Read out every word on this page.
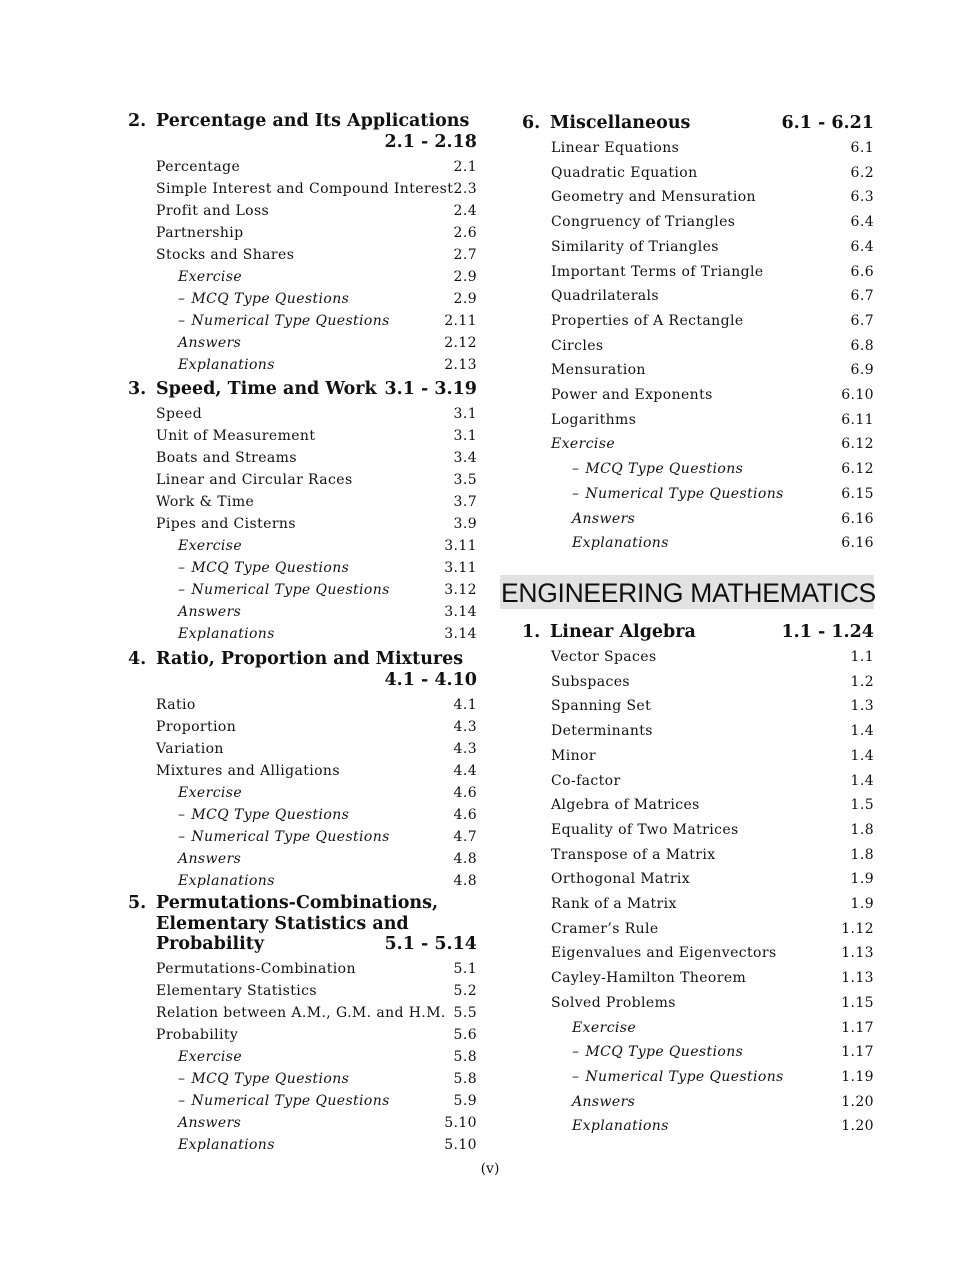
2. Percentage and Its Applications
2.1 - 2.18
Percentage	2.1
Simple Interest and Compound Interest 2.3
Profit and Loss	2.4
Partnership	2.6
Stocks and Shares	2.7
Exercise	2.9
– MCQ Type Questions	2.9
– Numerical Type Questions	2.11
Answers	2.12
Explanations	2.13
3. Speed, Time and Work 3.1 - 3.19
Speed	3.1
Unit of Measurement	3.1
Boats and Streams	3.4
Linear and Circular Races	3.5
Work & Time	3.7
Pipes and Cisterns	3.9
Exercise	3.11
– MCQ Type Questions	3.11
– Numerical Type Questions	3.12
Answers	3.14
Explanations	3.14
4. Ratio, Proportion and Mixtures
4.1 - 4.10
Ratio	4.1
Proportion	4.3
Variation	4.3
Mixtures and Alligations	4.4
Exercise	4.6
– MCQ Type Questions	4.6
– Numerical Type Questions	4.7
Answers	4.8
Explanations	4.8
5. Permutations-Combinations,
Elementary Statistics and
Probability	5.1 - 5.14
Permutations-Combination	5.1
Elementary Statistics	5.2
Relation between A.M., G.M. and H.M. 5.5
Probability	5.6
Exercise	5.8
– MCQ Type Questions	5.8
– Numerical Type Questions	5.9
Answers	5.10
Explanations	5.10
6. Miscellaneous	6.1 - 6.21
Linear Equations	6.1
Quadratic Equation	6.2
Geometry and Mensuration	6.3
Congruency of Triangles	6.4
Similarity of Triangles	6.4
Important Terms of Triangle	6.6
Quadrilaterals	6.7
Properties of A Rectangle	6.7
Circles	6.8
Mensuration	6.9
Power and Exponents	6.10
Logarithms	6.11
Exercise	6.12
– MCQ Type Questions	6.12
– Numerical Type Questions	6.15
Answers	6.16
Explanations	6.16
1. Linear Algebra	1.1 - 1.24
Vector Spaces	1.1
Subspaces	1.2
Spanning Set	1.3
Determinants	1.4
Minor	1.4
Co-factor	1.4
Algebra of Matrices	1.5
Equality of Two Matrices	1.8
Transpose of a Matrix	1.8
Orthogonal Matrix	1.9
Rank of a Matrix	1.9
Cramer’s Rule	1.12
Eigenvalues and Eigenvectors	1.13
Cayley-Hamilton Theorem	1.13
Solved Problems	1.15
Exercise	1.17
– MCQ Type Questions	1.17
– Numerical Type Questions	1.19
Answers	1.20
Explanations	1.20
ENGINEERING MATHEMATICS
(v)
